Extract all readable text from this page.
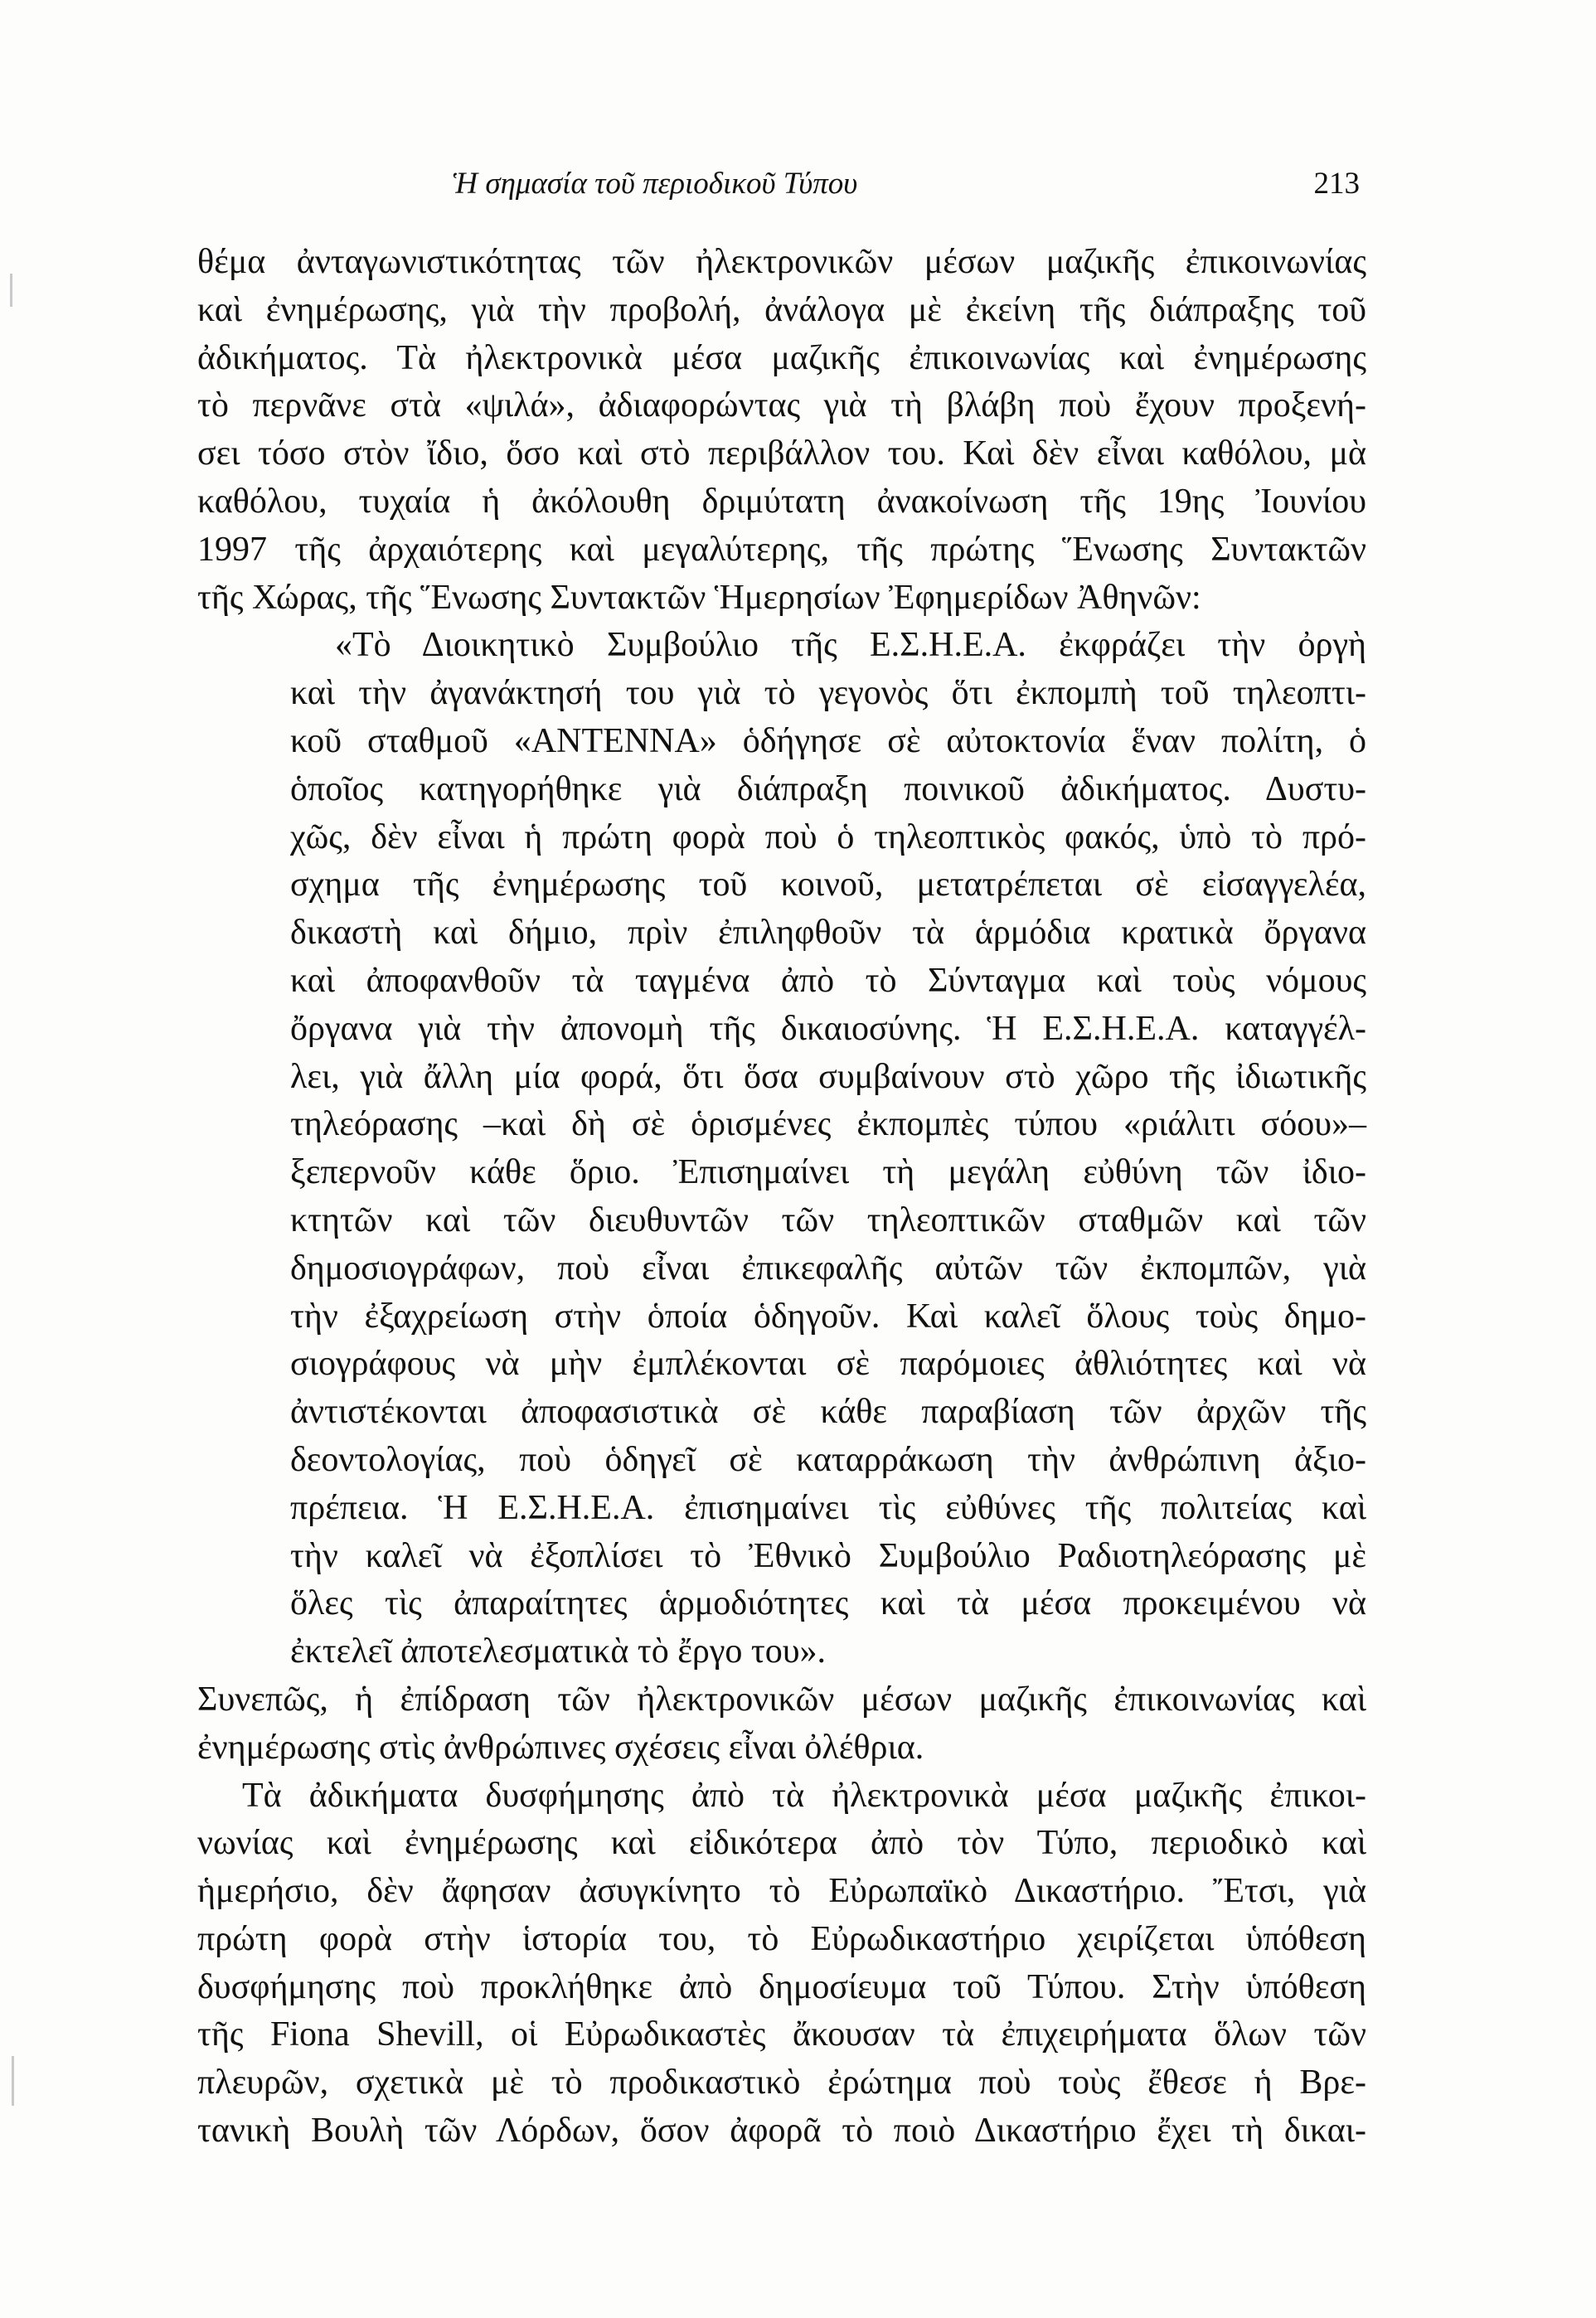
Ἡ σημασία τοῦ περιοδικοῦ Τύπου	213
θέμα ἀνταγωνιστικότητας τῶν ἠλεκτρονικῶν μέσων μαζικῆς ἐπικοινωνίας
καὶ ἐνημέρωσης, γιὰ τὴν προβολή, ἀνάλογα μὲ ἐκείνη τῆς διάπραξης τοῦ
ἀδικήματος. Τὰ ἠλεκτρονικὰ μέσα μαζικῆς ἐπικοινωνίας καὶ ἐνημέρωσης
τὸ περνᾶνε στὰ «ψιλά», ἀδιαφορώντας γιὰ τὴ βλάβη ποὺ ἔχουν προξενή-
σει τόσο στὸν ἴδιο, ὅσο καὶ στὸ περιβάλλον του. Καὶ δὲν εἶναι καθόλου, μὰ
καθόλου, τυχαία ἡ ἀκόλουθη δριμύτατη ἀνακοίνωση τῆς 19ης Ἰουνίου
1997 τῆς ἀρχαιότερης καὶ μεγαλύτερης, τῆς πρώτης Ἕνωσης Συντακτῶν
τῆς Χώρας, τῆς Ἕνωσης Συντακτῶν Ἡμερησίων Ἐφημερίδων Ἀθηνῶν:
«Τὸ Διοικητικὸ Συμβούλιο τῆς Ε.Σ.Η.Ε.Α. ἐκφράζει τὴν ὀργὴ
καὶ τὴν ἀγανάκτησή του γιὰ τὸ γεγονὸς ὅτι ἐκπομπὴ τοῦ τηλεοπτι-
κοῦ σταθμοῦ «ANTENNA» ὁδήγησε σὲ αὐτοκτονία ἕναν πολίτη, ὁ
ὁποῖος κατηγορήθηκε γιὰ διάπραξη ποινικοῦ ἀδικήματος. Δυστυ-
χῶς, δὲν εἶναι ἡ πρώτη φορὰ ποὺ ὁ τηλεοπτικὸς φακός, ὑπὸ τὸ πρό-
σχημα τῆς ἐνημέρωσης τοῦ κοινοῦ, μετατρέπεται σὲ εἰσαγγελέα,
δικαστὴ καὶ δήμιο, πρὶν ἐπιληφθοῦν τὰ ἁρμόδια κρατικὰ ὄργανα
καὶ ἀποφανθοῦν τὰ ταγμένα ἀπὸ τὸ Σύνταγμα καὶ τοὺς νόμους
ὄργανα γιὰ τὴν ἀπονομὴ τῆς δικαιοσύνης. Ἡ Ε.Σ.Η.Ε.Α. καταγγέλ-
λει, γιὰ ἄλλη μία φορά, ὅτι ὅσα συμβαίνουν στὸ χῶρο τῆς ἰδιωτικῆς
τηλεόρασης –καὶ δὴ σὲ ὁρισμένες ἐκπομπὲς τύπου «ριάλιτι σόου»–
ξεπερνοῦν κάθε ὅριο. Ἐπισημαίνει τὴ μεγάλη εὐθύνη τῶν ἰδιο-
κτητῶν καὶ τῶν διευθυντῶν τῶν τηλεοπτικῶν σταθμῶν καὶ τῶν
δημοσιογράφων, ποὺ εἶναι ἐπικεφαλῆς αὐτῶν τῶν ἐκπομπῶν, γιὰ
τὴν ἐξαχρείωση στὴν ὁποία ὁδηγοῦν. Καὶ καλεῖ ὅλους τοὺς δημο-
σιογράφους νὰ μὴν ἐμπλέκονται σὲ παρόμοιες ἀθλιότητες καὶ νὰ
ἀντιστέκονται ἀποφασιστικὰ σὲ κάθε παραβίαση τῶν ἀρχῶν τῆς
δεοντολογίας, ποὺ ὁδηγεῖ σὲ καταρράκωση τὴν ἀνθρώπινη ἀξιο-
πρέπεια. Ἡ Ε.Σ.Η.Ε.Α. ἐπισημαίνει τὶς εὐθύνες τῆς πολιτείας καὶ
τὴν καλεῖ νὰ ἐξοπλίσει τὸ Ἐθνικὸ Συμβούλιο Ραδιοτηλεόρασης μὲ
ὅλες τὶς ἀπαραίτητες ἁρμοδιότητες καὶ τὰ μέσα προκειμένου νὰ
ἐκτελεῖ ἀποτελεσματικὰ τὸ ἔργο του».
Συνεπῶς, ἡ ἐπίδραση τῶν ἠλεκτρονικῶν μέσων μαζικῆς ἐπικοινωνίας καὶ
ἐνημέρωσης στὶς ἀνθρώπινες σχέσεις εἶναι ὀλέθρια.
Τὰ ἀδικήματα δυσφήμησης ἀπὸ τὰ ἠλεκτρονικὰ μέσα μαζικῆς ἐπικοι-
νωνίας καὶ ἐνημέρωσης καὶ εἰδικότερα ἀπὸ τὸν Τύπο, περιοδικὸ καὶ
ἡμερήσιο, δὲν ἄφησαν ἀσυγκίνητο τὸ Εὐρωπαϊκὸ Δικαστήριο. Ἔτσι, γιὰ
πρώτη φορὰ στὴν ἱστορία του, τὸ Εὐρωδικαστήριο χειρίζεται ὑπόθεση
δυσφήμησης ποὺ προκλήθηκε ἀπὸ δημοσίευμα τοῦ Τύπου. Στὴν ὑπόθεση
τῆς Fiona Shevill, οἱ Εὐρωδικαστὲς ἄκουσαν τὰ ἐπιχειρήματα ὅλων τῶν
πλευρῶν, σχετικὰ μὲ τὸ προδικαστικὸ ἐρώτημα ποὺ τοὺς ἔθεσε ἡ Βρε-
τανικὴ Βουλὴ τῶν Λόρδων, ὅσον ἀφορᾶ τὸ ποιὸ Δικαστήριο ἔχει τὴ δικαι-
